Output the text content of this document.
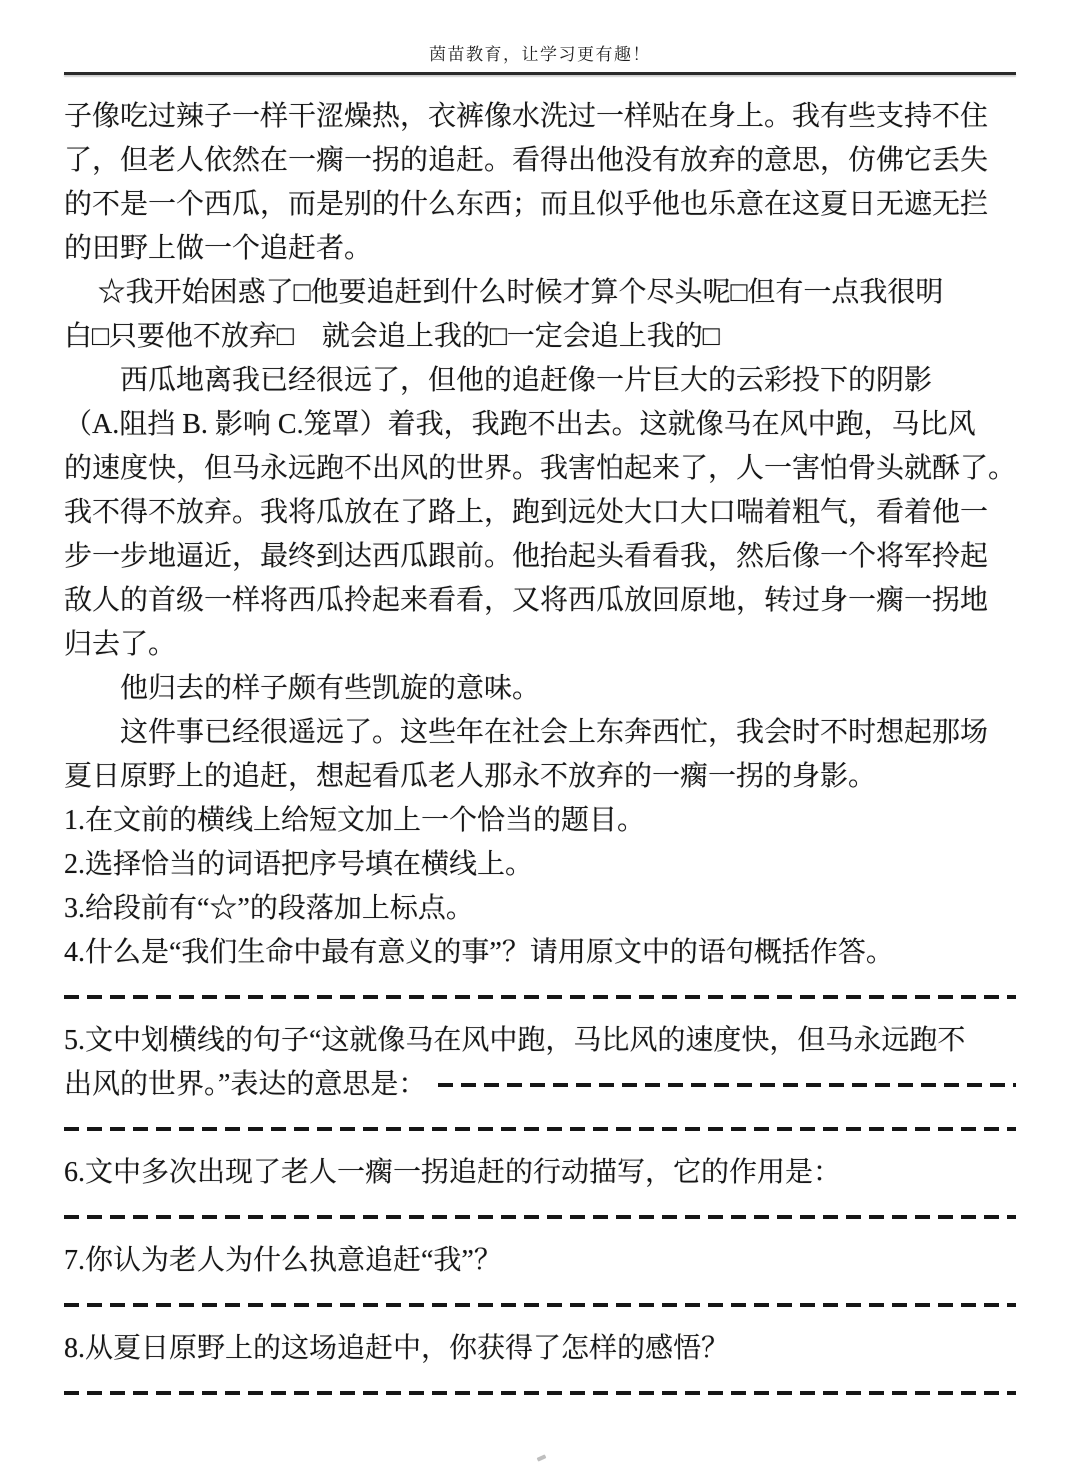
茵苗教育，让学习更有趣！
子像吃过辣子一样干涩燥热，衣裤像水洗过一样贴在身上。我有些支持不住
了，但老人依然在一瘸一拐的追赶。看得出他没有放弃的意思，仿佛它丢失
的不是一个西瓜，而是别的什么东西；而且似乎他也乐意在这夏日无遮无拦
的田野上做一个追赶者。
☆我开始困惑了□他要追赶到什么时候才算个尽头呢□但有一点我很明
白□只要他不放弃□　就会追上我的□一定会追上我的□
西瓜地离我已经很远了，但他的追赶像一片巨大的云彩投下的阴影
（A.阻挡 B. 影响 C.笼罩）着我，我跑不出去。这就像马在风中跑，马比风
的速度快，但马永远跑不出风的世界。我害怕起来了，人一害怕骨头就酥了。
我不得不放弃。我将瓜放在了路上，跑到远处大口大口喘着粗气，看着他一
步一步地逼近，最终到达西瓜跟前。他抬起头看看我，然后像一个将军拎起
敌人的首级一样将西瓜拎起来看看，又将西瓜放回原地，转过身一瘸一拐地
归去了。
他归去的样子颇有些凯旋的意味。
这件事已经很遥远了。这些年在社会上东奔西忙，我会时不时想起那场
夏日原野上的追赶，想起看瓜老人那永不放弃的一瘸一拐的身影。
1.在文前的横线上给短文加上一个恰当的题目。
2.选择恰当的词语把序号填在横线上。
3.给段前有“☆”的段落加上标点。
4.什么是“我们生命中最有意义的事”？请用原文中的语句概括作答。
5.文中划横线的句子“这就像马在风中跑，马比风的速度快，但马永远跑不
出风的世界。”表达的意思是：
6.文中多次出现了老人一瘸一拐追赶的行动描写，它的作用是：
7.你认为老人为什么执意追赶“我”？
8.从夏日原野上的这场追赶中，你获得了怎样的感悟？
